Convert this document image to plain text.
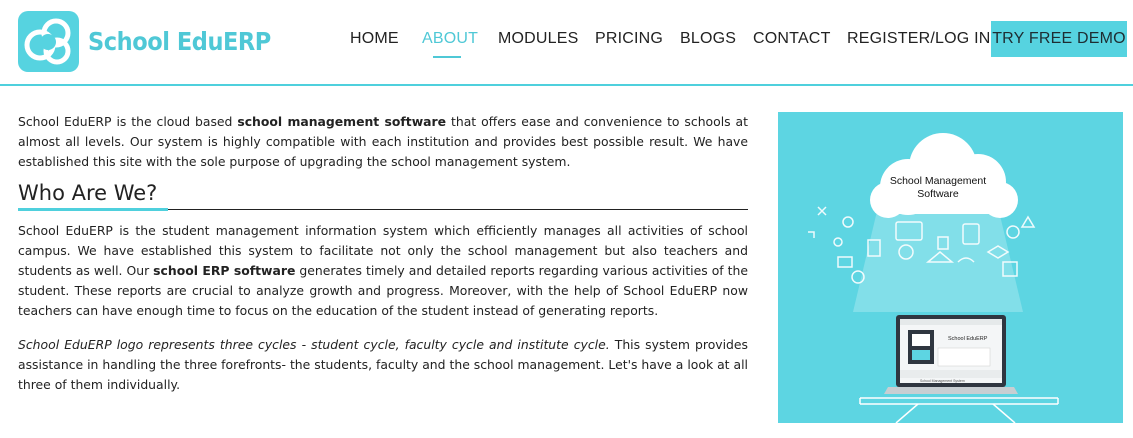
School EduERP	HOME ABOUT MODULES PRICING BLOGS CONTACT REGISTER/LOG IN TRY FREE DEMO

School EduERP is the cloud based school management software that offers ease and convenience to schools at almost all levels. Our system is highly compatible with each institution and provides best possible result. We have established this site with the sole purpose of upgrading the school management system.

Who Are We?

School EduERP is the student management information system which efficiently manages all activities of school campus. We have established this system to facilitate not only the school management but also teachers and students as well. Our school ERP software generates timely and detailed reports regarding various activities of the student. These reports are crucial to analyze growth and progress. Moreover, with the help of School EduERP now teachers can have enough time to focus on the education of the student instead of generating reports.

School EduERP logo represents three cycles - student cycle, faculty cycle and institute cycle. This system provides assistance in handling the three forefronts- the students, faculty and the school management. Let's have a look at all three of them individually.

School Management
Software
School EduERP
School Management System
